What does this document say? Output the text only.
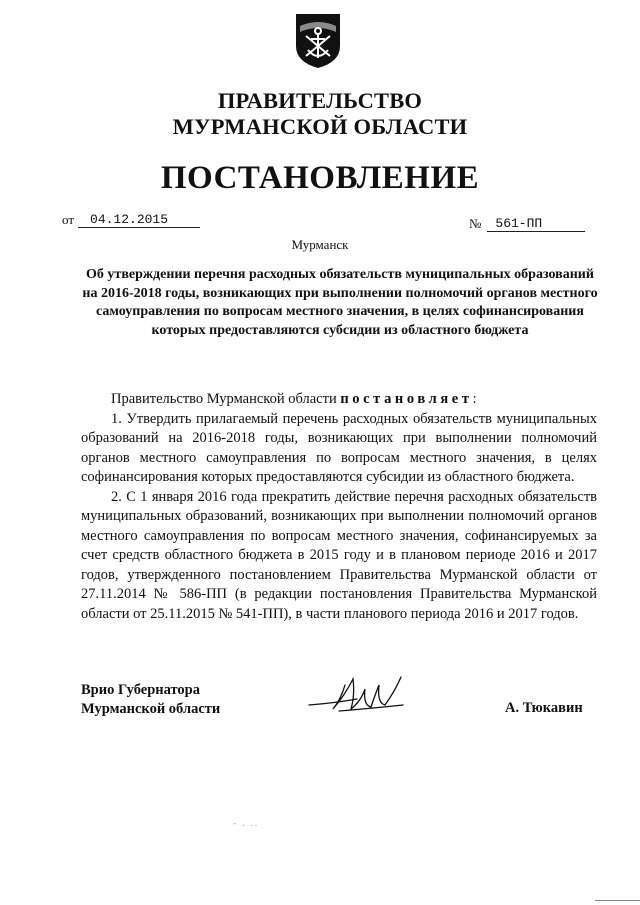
ПРАВИТЕЛЬСТВО
МУРМАНСКОЙ ОБЛАСТИ
ПОСТАНОВЛЕНИЕ
от	04.12.2015	№	561-ПП
Мурманск
Об утверждении перечня расходных обязательств муниципальных образований на 2016-2018 годы, возникающих при выполнении полномочий органов местного самоуправления по вопросам местного значения, в целях софинансирования которых предоставляются субсидии из областного бюджета

Правительство Мурманской области постановляет:

1. Утвердить прилагаемый перечень расходных обязательств муниципальных образований на 2016-2018 годы, возникающих при выполнении полномочий органов местного самоуправления по вопросам местного значения, в целях софинансирования которых предоставляются субсидии из областного бюджета.

2. С 1 января 2016 года прекратить действие перечня расходных обязательств муниципальных образований, возникающих при выполнении полномочий органов местного самоуправления по вопросам местного значения, софинансируемых за счет средств областного бюджета в 2015 году и в плановом периоде 2016 и 2017 годов, утвержденного постановлением Правительства Мурманской области от 27.11.2014 № 586-ПП (в редакции постановления Правительства Мурманской области от 25.11.2015 № 541-ПП), в части планового периода 2016 и 2017 годов.

Врио Губернатора
Мурманской области	А. Тюкавин
- . ..
